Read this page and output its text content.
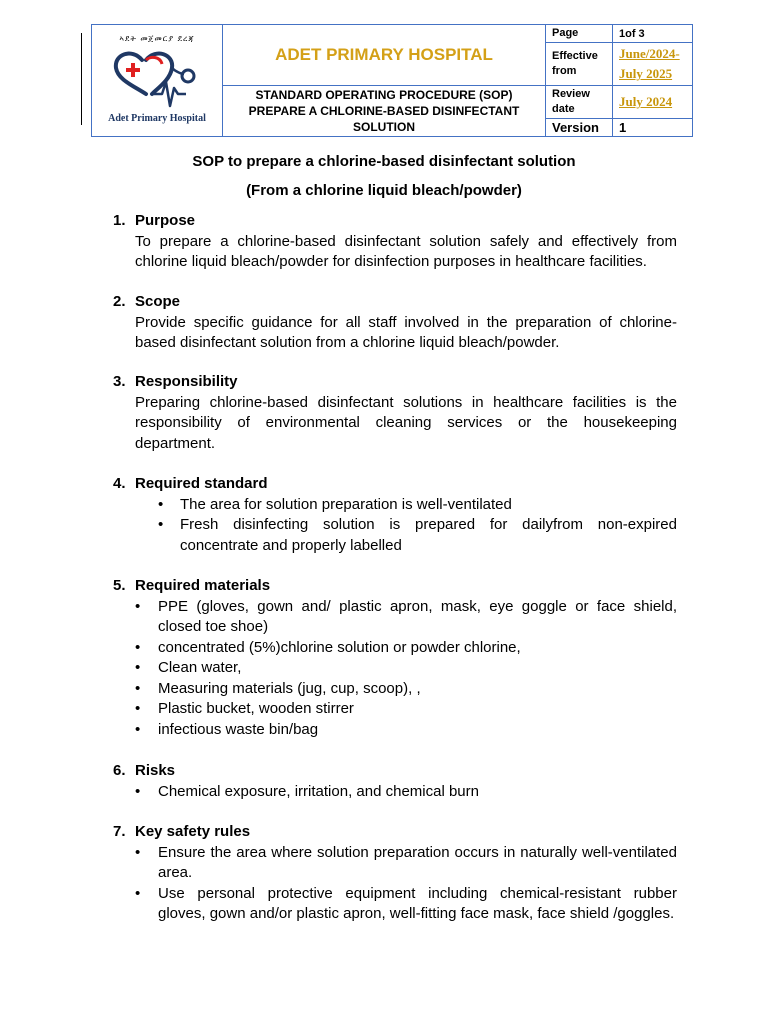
ኣደት መጀመርያ ደረጃ
Adet Primary Hospital	ADET PRIMARY HOSPITAL	Page	1of 3
		Effective from	June/2024- July 2025

	STANDARD OPERATING PROCEDURE (SOP)
PREPARE A CHLORINE-BASED DISINFECTANT SOLUTION	Review date	July 2024
		Version	1
SOP to prepare a chlorine-based disinfectant solution
(From a chlorine liquid bleach/powder)
1. Purpose
To prepare a chlorine-based disinfectant solution safely and effectively from chlorine liquid bleach/powder for disinfection purposes in healthcare facilities.
2. Scope
Provide specific guidance for all staff involved in the preparation of chlorine-based disinfectant solution from a chlorine liquid bleach/powder.
3. Responsibility
Preparing chlorine-based disinfectant solutions in healthcare facilities is the responsibility of environmental cleaning services or the housekeeping department.
4. Required standard
• The area for solution preparation is well-ventilated
• Fresh disinfecting solution is prepared for dailyfrom non-expired concentrate and properly labelled
5. Required materials
• PPE (gloves, gown and/ plastic apron, mask, eye goggle or face shield, closed toe shoe)
• concentrated (5%)chlorine solution or powder chlorine,
• Clean water,
• Measuring materials (jug, cup, scoop), ,
• Plastic bucket, wooden stirrer
• infectious waste bin/bag
6. Risks
• Chemical exposure, irritation, and chemical burn
7. Key safety rules
• Ensure the area where solution preparation occurs in naturally well-ventilated area.
• Use personal protective equipment including chemical-resistant rubber gloves, gown and/or plastic apron, well-fitting face mask, face shield /goggles.
